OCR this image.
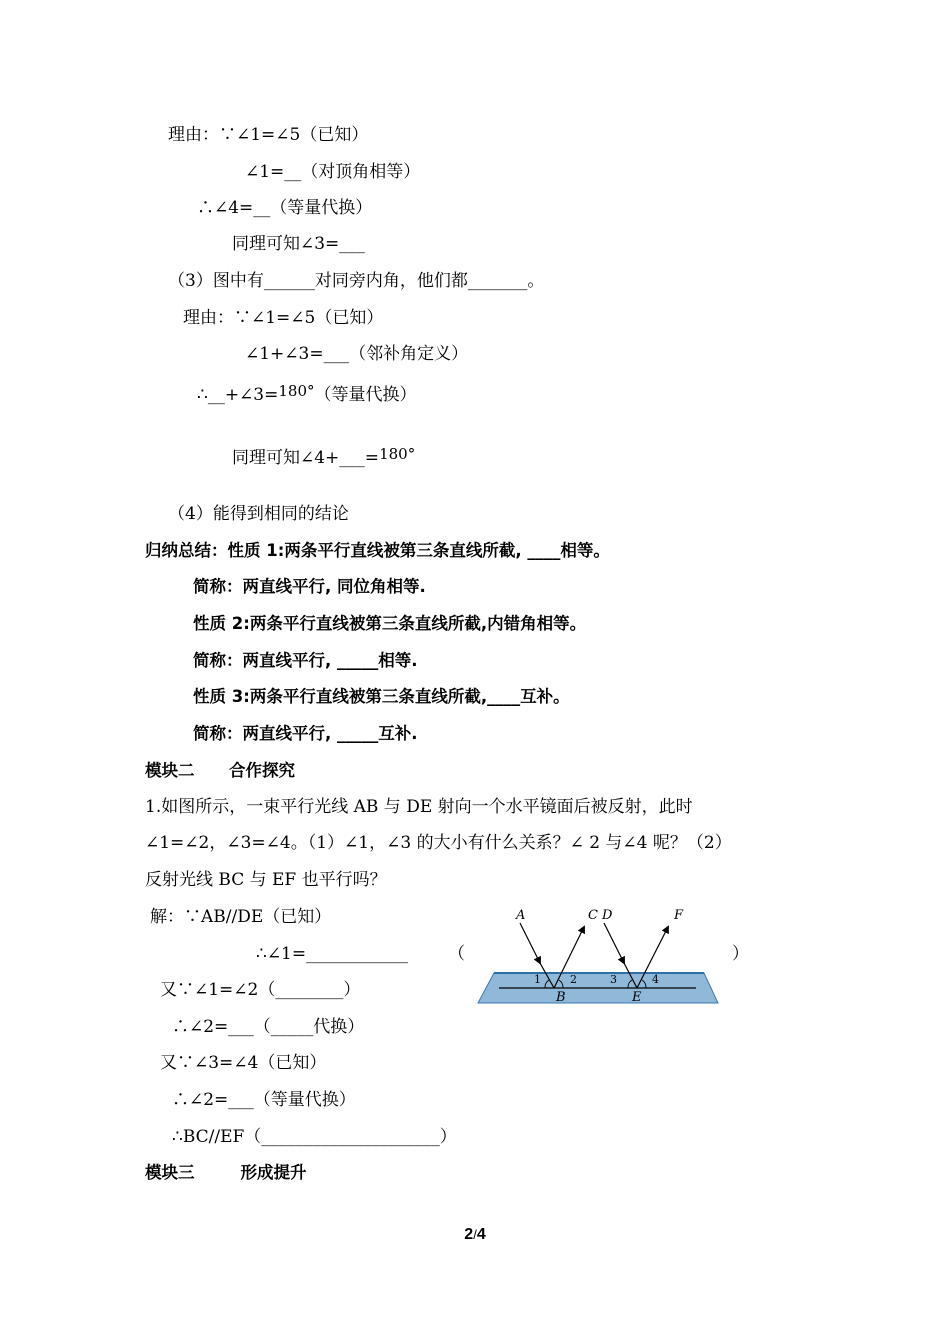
理由：∵∠1=∠5（已知）
∠1=__（对顶角相等）
∴∠4=__（等量代换）
同理可知∠3=___
（3）图中有______对同旁内角，他们都_______。
理由：∵∠1=∠5（已知）
∠1+∠3=___（邻补角定义）
∴__+∠3=180°（等量代换）
同理可知∠4+___=180°
（4）能得到相同的结论
归纳总结：性质 1:两条平行直线被第三条直线所截, ____相等。
简称：两直线平行, 同位角相等.
性质 2:两条平行直线被第三条直线所截,内错角相等。
简称：两直线平行, _____相等.
性质 3:两条平行直线被第三条直线所截,____互补。
简称：两直线平行, _____互补.
模块二      合作探究
1.如图所示，一束平行光线 AB 与 DE 射向一个水平镜面后被反射，此时
∠1=∠2，∠3=∠4。（1）∠1，∠3 的大小有什么关系？∠ 2 与∠4 呢？（2）
反射光线 BC 与 EF 也平行吗？
解：∵AB//DE（已知）
∴∠1=____________ （	）
又∵∠1=∠2（________）
∴∠2=___（_____代换）
又∵∠3=∠4（已知）
∴∠2=___（等量代换）
∴BC//EF（_____________________）
模块三        形成提升
A	C D	F
B	E
1	2	3	4
2/4
